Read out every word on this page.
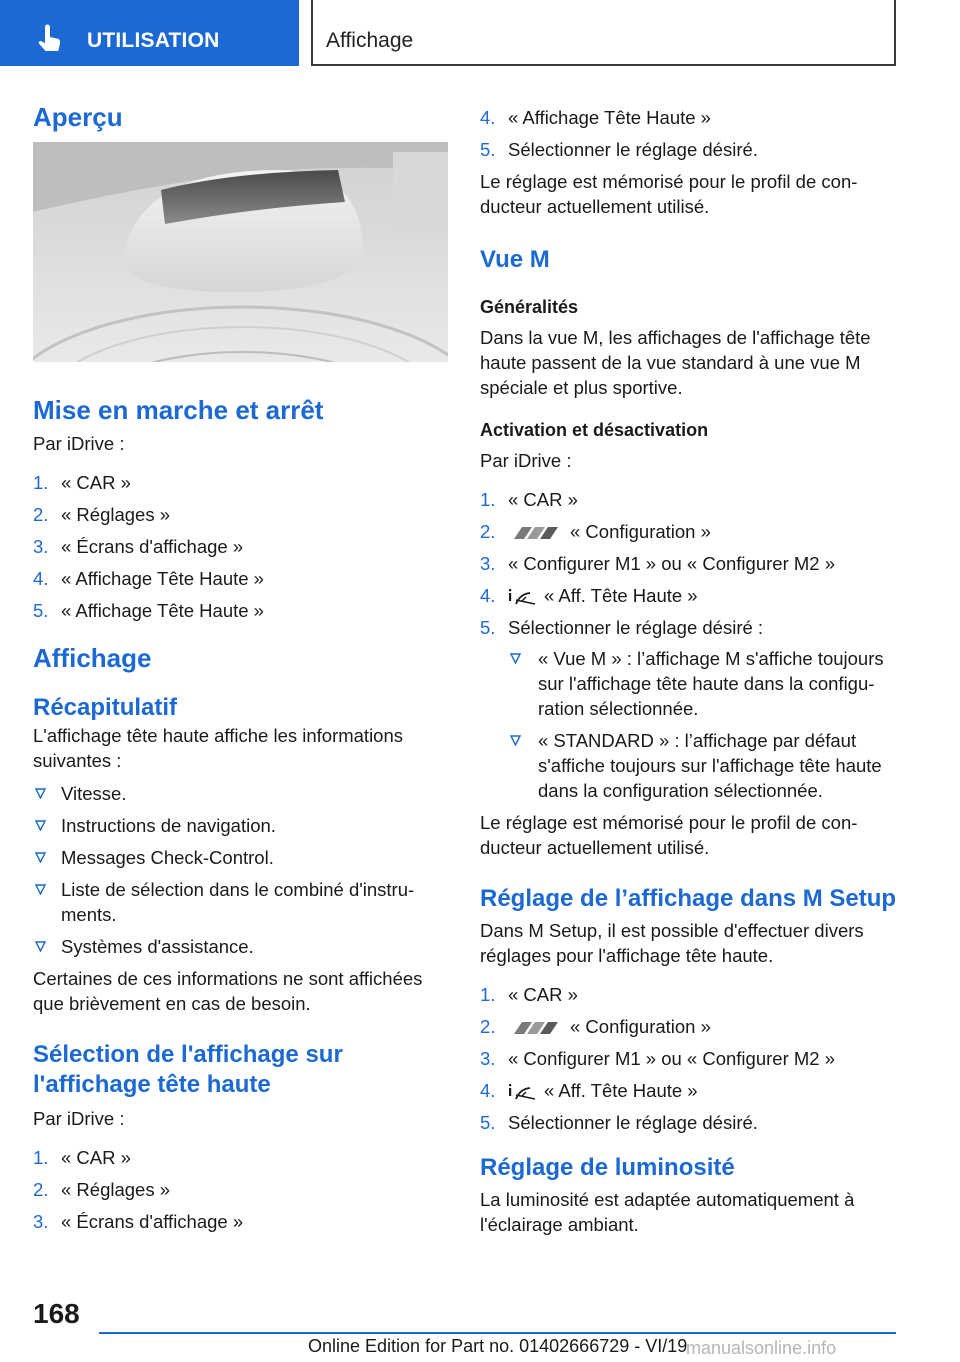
UTILISATION	Affichage
Aperçu
Mise en marche et arrêt
Par iDrive :
1. « CAR »
2. « Réglages »
3. « Écrans d'affichage »
4. « Affichage Tête Haute »
5. « Affichage Tête Haute »
Affichage
Récapitulatif
L'affichage tête haute affiche les informations suivantes :
Vitesse.
Instructions de navigation.
Messages Check-Control.
Liste de sélection dans le combiné d'instru-ments.
Systèmes d'assistance.
Certaines de ces informations ne sont affichées que brièvement en cas de besoin.
Sélection de l'affichage sur l'affichage tête haute
Par iDrive :
1. « CAR »
2. « Réglages »
3. « Écrans d'affichage »
4. « Affichage Tête Haute »
5. Sélectionner le réglage désiré.
Le réglage est mémorisé pour le profil de con-ducteur actuellement utilisé.
Vue M
Généralités
Dans la vue M, les affichages de l'affichage tête haute passent de la vue standard à une vue M spéciale et plus sportive.
Activation et désactivation
Par iDrive :
1. « CAR »
2.	« Configuration »
3. « Configurer M1 » ou « Configurer M2 »
4.	« Aff. Tête Haute »
5. Sélectionner le réglage désiré :
« Vue M » : l’affichage M s'affiche toujours sur l'affichage tête haute dans la configu-ration sélectionnée.
« STANDARD » : l’affichage par défaut s'affiche toujours sur l'affichage tête haute dans la configuration sélectionnée.
Le réglage est mémorisé pour le profil de con-ducteur actuellement utilisé.
Réglage de l’affichage dans M Setup
Dans M Setup, il est possible d'effectuer divers réglages pour l'affichage tête haute.
1. « CAR »
2.	« Configuration »
3. « Configurer M1 » ou « Configurer M2 »
4.	« Aff. Tête Haute »
5. Sélectionner le réglage désiré.
Réglage de luminosité
La luminosité est adaptée automatiquement à l'éclairage ambiant.
168
Online Edition for Part no. 01402666729 - VI/19
manualsonline.info
